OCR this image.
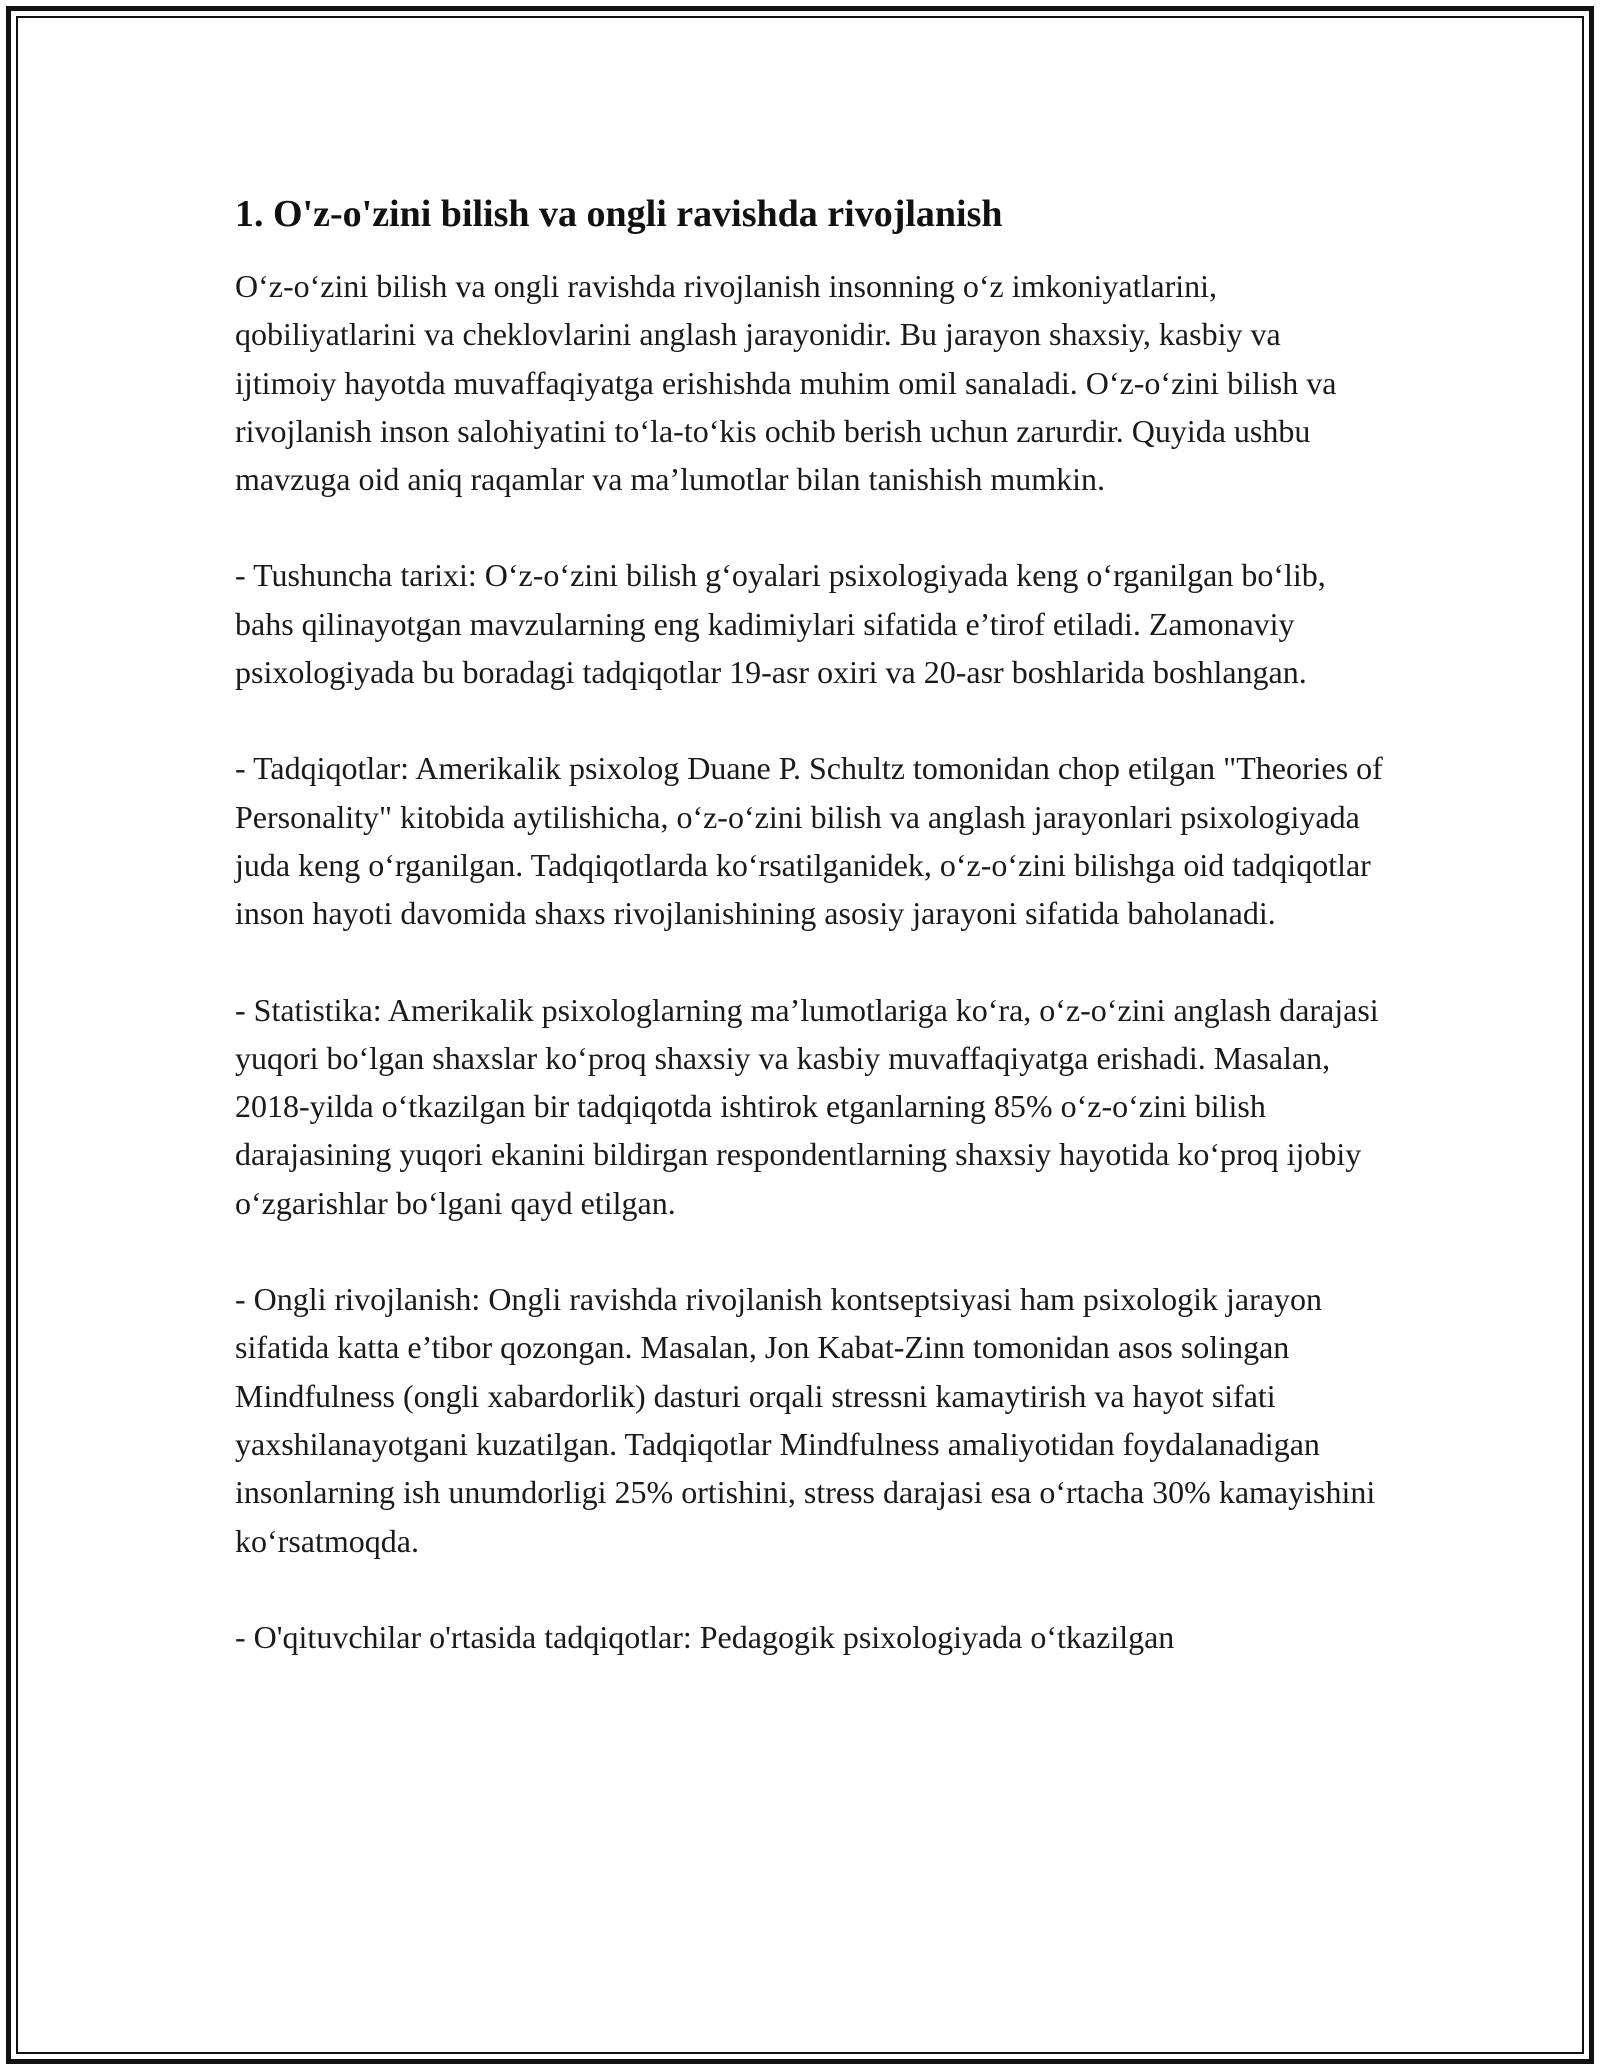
1. O'z-o'zini bilish va ongli ravishda rivojlanish

O‘z-o‘zini bilish va ongli ravishda rivojlanish insonning o‘z imkoniyatlarini, qobiliyatlarini va cheklovlarini anglash jarayonidir. Bu jarayon shaxsiy, kasbiy va ijtimoiy hayotda muvaffaqiyatga erishishda muhim omil sanaladi. O‘z-o‘zini bilish va rivojlanish inson salohiyatini to‘la-to‘kis ochib berish uchun zarurdir. Quyida ushbu mavzuga oid aniq raqamlar va ma’lumotlar bilan tanishish mumkin.

- Tushuncha tarixi: O‘z-o‘zini bilish g‘oyalari psixologiyada keng o‘rganilgan bo‘lib, bahs qilinayotgan mavzularning eng kadimiylari sifatida e’tirof etiladi. Zamonaviy psixologiyada bu boradagi tadqiqotlar 19-asr oxiri va 20-asr boshlarida boshlangan.

- Tadqiqotlar: Amerikalik psixolog Duane P. Schultz tomonidan chop etilgan "Theories of Personality" kitobida aytilishicha, o‘z-o‘zini bilish va anglash jarayonlari psixologiyada juda keng o‘rganilgan. Tadqiqotlarda ko‘rsatilganidek, o‘z-o‘zini bilishga oid tadqiqotlar inson hayoti davomida shaxs rivojlanishining asosiy jarayoni sifatida baholanadi.

- Statistika: Amerikalik psixologlarning ma’lumotlariga ko‘ra, o‘z-o‘zini anglash darajasi yuqori bo‘lgan shaxslar ko‘proq shaxsiy va kasbiy muvaffaqiyatga erishadi. Masalan, 2018-yilda o‘tkazilgan bir tadqiqotda ishtirok etganlarning 85% o‘z-o‘zini bilish darajasining yuqori ekanini bildirgan respondentlarning shaxsiy hayotida ko‘proq ijobiy o‘zgarishlar bo‘lgani qayd etilgan.

- Ongli rivojlanish: Ongli ravishda rivojlanish kontseptsiyasi ham psixologik jarayon sifatida katta e’tibor qozongan. Masalan, Jon Kabat-Zinn tomonidan asos solingan Mindfulness (ongli xabardorlik) dasturi orqali stressni kamaytirish va hayot sifati yaxshilanayotgani kuzatilgan. Tadqiqotlar Mindfulness amaliyotidan foydalanadigan insonlarning ish unumdorligi 25% ortishini, stress darajasi esa o‘rtacha 30% kamayishini ko‘rsatmoqda.

- O'qituvchilar o'rtasida tadqiqotlar: Pedagogik psixologiyada o‘tkazilgan
